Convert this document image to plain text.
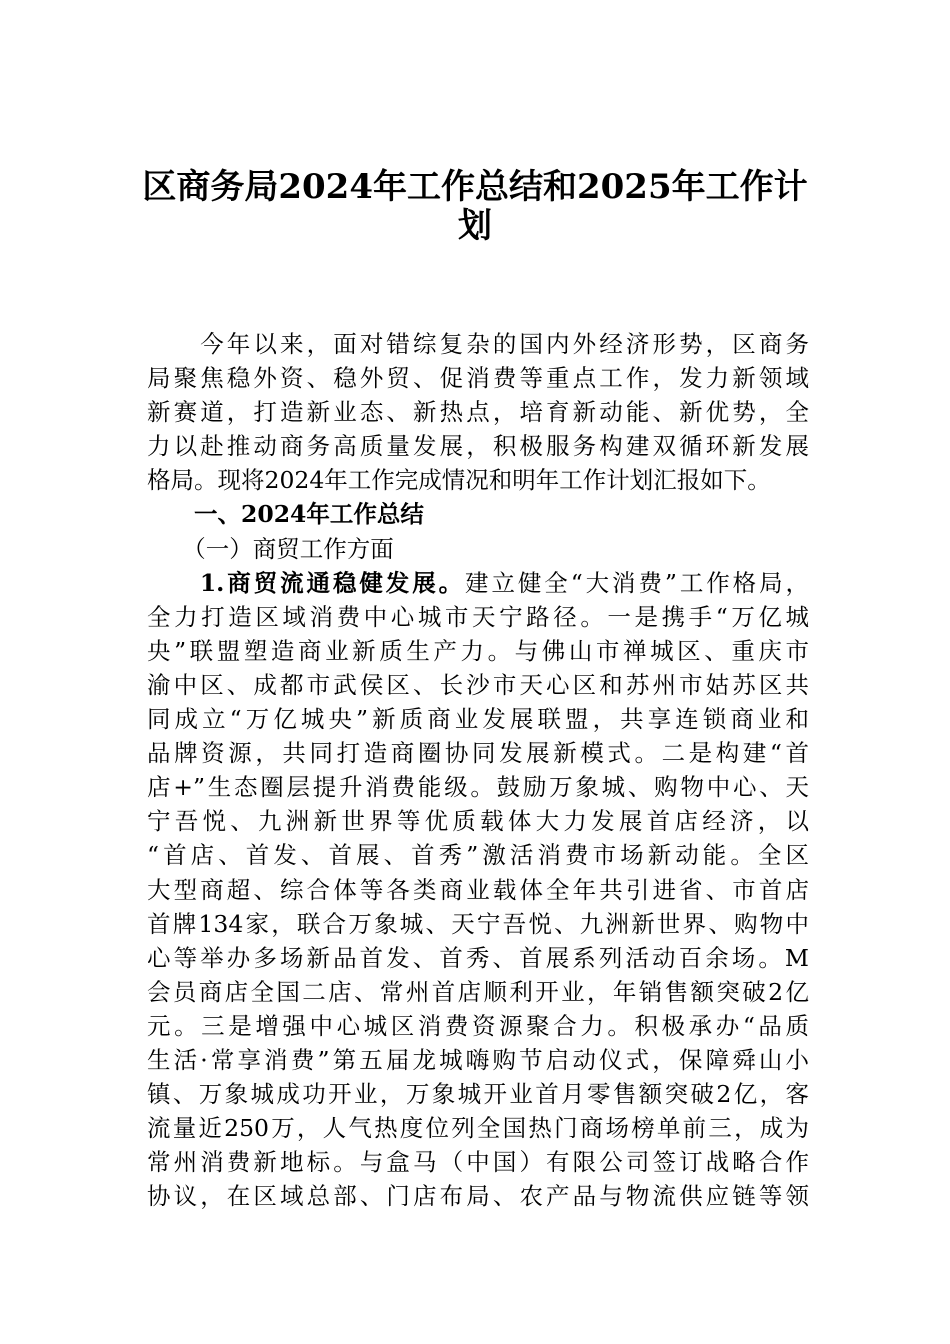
区商务局2024年工作总结和2025年工作计
划
　　今年以来，面对错综复杂的国内外经济形势，区商务
局聚焦稳外资、稳外贸、促消费等重点工作，发力新领域
新赛道，打造新业态、新热点，培育新动能、新优势，全
力以赴推动商务高质量发展，积极服务构建双循环新发展
格局。现将2024年工作完成情况和明年工作计划汇报如下。
　　一、2024年工作总结
　　（一）商贸工作方面
　　1.商贸流通稳健发展。建立健全“大消费”工作格局，
全力打造区域消费中心城市天宁路径。一是携手“万亿城
央”联盟塑造商业新质生产力。与佛山市禅城区、重庆市
渝中区、成都市武侯区、长沙市天心区和苏州市姑苏区共
同成立“万亿城央”新质商业发展联盟，共享连锁商业和
品牌资源，共同打造商圈协同发展新模式。二是构建“首
店+”生态圈层提升消费能级。鼓励万象城、购物中心、天
宁吾悦、九洲新世界等优质载体大力发展首店经济，以
“首店、首发、首展、首秀”激活消费市场新动能。全区
大型商超、综合体等各类商业载体全年共引进省、市首店
首牌134家，联合万象城、天宁吾悦、九洲新世界、购物中
心等举办多场新品首发、首秀、首展系列活动百余场。M
会员商店全国二店、常州首店顺利开业，年销售额突破2亿
元。三是增强中心城区消费资源聚合力。积极承办“品质
生活·常享消费”第五届龙城嗨购节启动仪式，保障舜山小
镇、万象城成功开业，万象城开业首月零售额突破2亿，客
流量近250万，人气热度位列全国热门商场榜单前三，成为
常州消费新地标。与盒马（中国）有限公司签订战略合作
协议，在区域总部、门店布局、农产品与物流供应链等领
